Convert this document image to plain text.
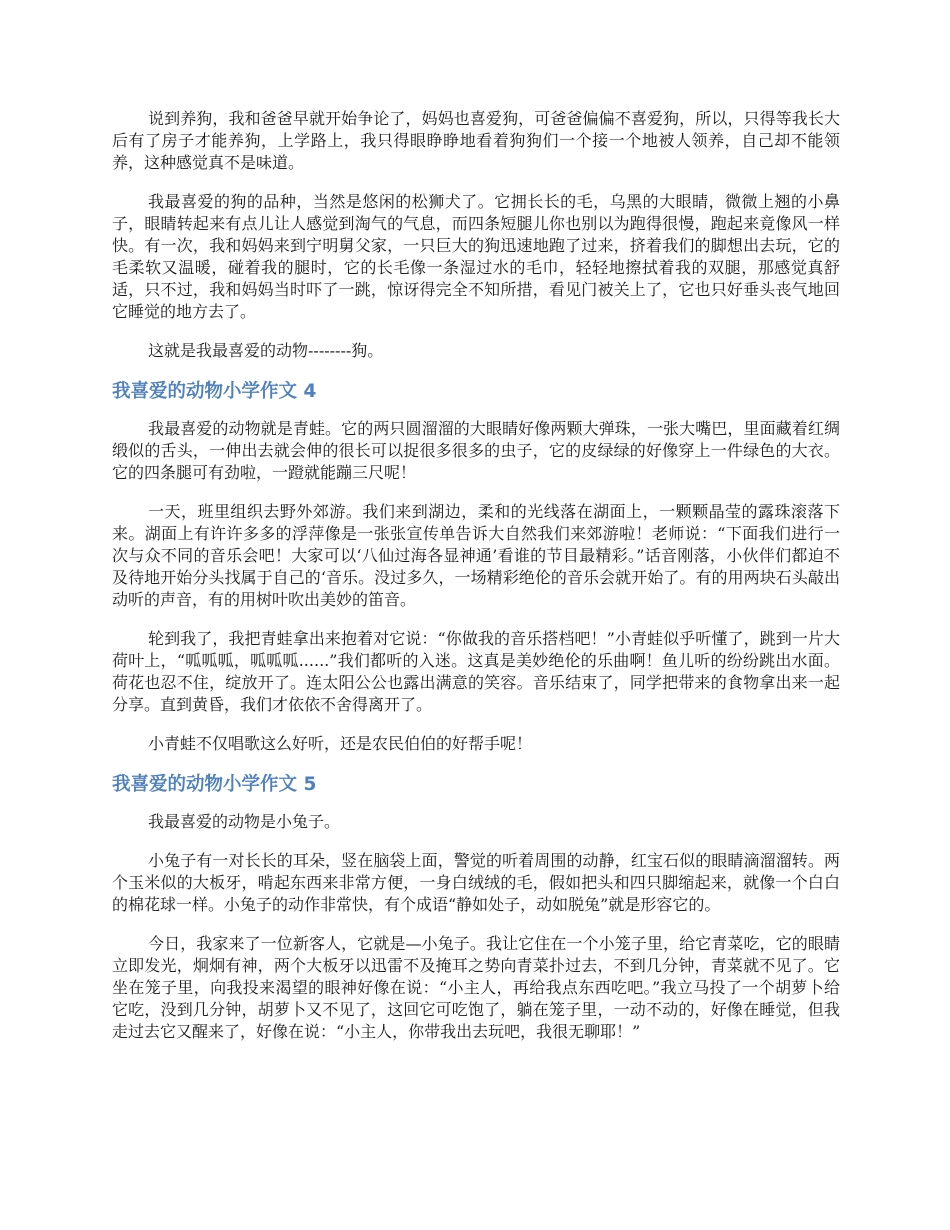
说到养狗，我和爸爸早就开始争论了，妈妈也喜爱狗，可爸爸偏偏不喜爱狗，所以，只得等我长大后有了房子才能养狗，上学路上，我只得眼睁睁地看着狗狗们一个接一个地被人领养，自己却不能领养，这种感觉真不是味道。

我最喜爱的狗的品种，当然是悠闲的松狮犬了。它拥长长的毛，乌黑的大眼睛，微微上翘的小鼻子，眼睛转起来有点儿让人感觉到淘气的气息，而四条短腿儿你也别以为跑得很慢，跑起来竟像风一样快。有一次，我和妈妈来到宁明舅父家，一只巨大的狗迅速地跑了过来，挤着我们的脚想出去玩，它的毛柔软又温暖，碰着我的腿时，它的长毛像一条湿过水的毛巾，轻轻地擦拭着我的双腿，那感觉真舒适，只不过，我和妈妈当时吓了一跳，惊讶得完全不知所措，看见门被关上了，它也只好垂头丧气地回它睡觉的地方去了。

这就是我最喜爱的动物--------狗。

我喜爱的动物小学作文 4

我最喜爱的动物就是青蛙。它的两只圆溜溜的大眼睛好像两颗大弹珠，一张大嘴巴，里面藏着红绸缎似的舌头，一伸出去就会伸的很长可以捉很多很多的虫子，它的皮绿绿的好像穿上一件绿色的大衣。它的四条腿可有劲啦，一蹬就能蹦三尺呢！

一天，班里组织去野外郊游。我们来到湖边，柔和的光线落在湖面上，一颗颗晶莹的露珠滚落下来。湖面上有许许多多的浮萍像是一张张宣传单告诉大自然我们来郊游啦！老师说：“下面我们进行一次与众不同的音乐会吧！大家可以‘八仙过海各显神通’看谁的节目最精彩。”话音刚落，小伙伴们都迫不及待地开始分头找属于自己的‘音乐。没过多久，一场精彩绝伦的音乐会就开始了。有的用两块石头敲出动听的声音，有的用树叶吹出美妙的笛音。

轮到我了，我把青蛙拿出来抱着对它说：“你做我的音乐搭档吧！”小青蛙似乎听懂了，跳到一片大荷叶上，“呱呱呱，呱呱呱......”我们都听的入迷。这真是美妙绝伦的乐曲啊！鱼儿听的纷纷跳出水面。荷花也忍不住，绽放开了。连太阳公公也露出满意的笑容。音乐结束了，同学把带来的食物拿出来一起分享。直到黄昏，我们才依依不舍得离开了。

小青蛙不仅唱歌这么好听，还是农民伯伯的好帮手呢！

我喜爱的动物小学作文 5

我最喜爱的动物是小兔子。

小兔子有一对长长的耳朵，竖在脑袋上面，警觉的听着周围的动静，红宝石似的眼睛滴溜溜转。两个玉米似的大板牙，啃起东西来非常方便，一身白绒绒的毛，假如把头和四只脚缩起来，就像一个白白的棉花球一样。小兔子的动作非常快，有个成语“静如处子，动如脱兔”就是形容它的。

今日，我家来了一位新客人，它就是—小兔子。我让它住在一个小笼子里，给它青菜吃，它的眼睛立即发光，炯炯有神，两个大板牙以迅雷不及掩耳之势向青菜扑过去，不到几分钟，青菜就不见了。它坐在笼子里，向我投来渴望的眼神好像在说：“小主人，再给我点东西吃吧。”我立马投了一个胡萝卜给它吃，没到几分钟，胡萝卜又不见了，这回它可吃饱了，躺在笼子里，一动不动的，好像在睡觉，但我走过去它又醒来了，好像在说：“小主人，你带我出去玩吧，我很无聊耶！”
